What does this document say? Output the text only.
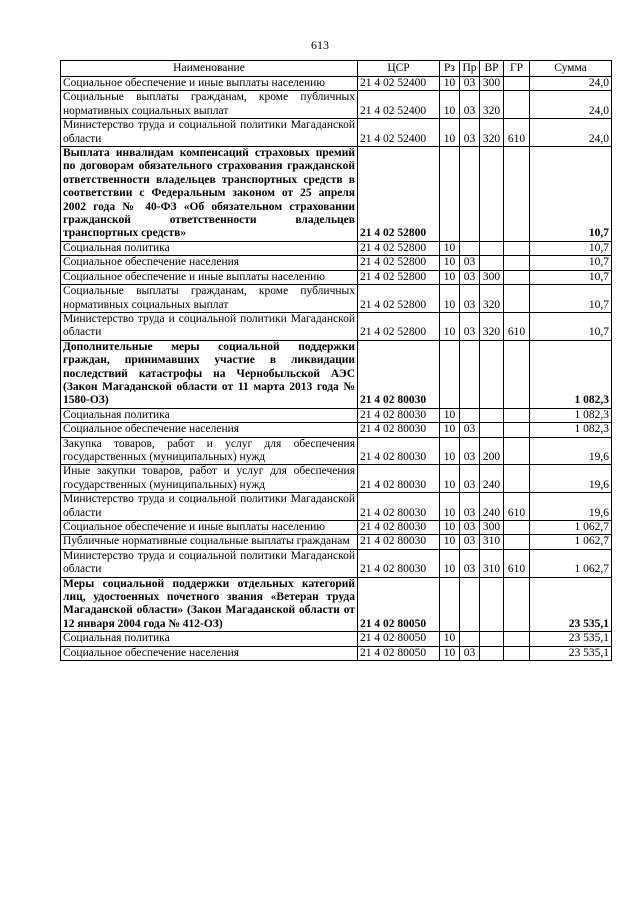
613
Наименование	ЦСР	Рз	Пр	ВР	ГР	Сумма
Социальное обеспечение и иные выплаты населению	21 4 02 52400	10	03	300		24,0
Социальные выплаты гражданам, кроме публичных нормативных социальных выплат	21 4 02 52400	10	03	320		24,0
Министерство труда и социальной политики Магаданской области	21 4 02 52400	10	03	320	610	24,0
Выплата инвалидам компенсаций страховых премий по договорам обязательного страхования гражданской ответственности владельцев транспортных средств в соответствии с Федеральным законом от 25 апреля 2002 года № 40-ФЗ «Об обязательном страховании гражданской ответственности владельцев транспортных средств»	21 4 02 52800					10,7
Социальная политика	21 4 02 52800	10				10,7
Социальное обеспечение населения	21 4 02 52800	10	03			10,7
Социальное обеспечение и иные выплаты населению	21 4 02 52800	10	03	300		10,7
Социальные выплаты гражданам, кроме публичных нормативных социальных выплат	21 4 02 52800	10	03	320		10,7
Министерство труда и социальной политики Магаданской области	21 4 02 52800	10	03	320	610	10,7
Дополнительные меры социальной поддержки граждан, принимавших участие в ликвидации последствий катастрофы на Чернобыльской АЭС (Закон Магаданской области от 11 марта 2013 года № 1580-ОЗ)	21 4 02 80030					1 082,3
Социальная политика	21 4 02 80030	10				1 082,3
Социальное обеспечение населения	21 4 02 80030	10	03			1 082,3
Закупка товаров, работ и услуг для обеспечения государственных (муниципальных) нужд	21 4 02 80030	10	03	200		19,6
Иные закупки товаров, работ и услуг для обеспечения государственных (муниципальных) нужд	21 4 02 80030	10	03	240		19,6
Министерство труда и социальной политики Магаданской области	21 4 02 80030	10	03	240	610	19,6
Социальное обеспечение и иные выплаты населению	21 4 02 80030	10	03	300		1 062,7
Публичные нормативные социальные выплаты гражданам	21 4 02 80030	10	03	310		1 062,7
Министерство труда и социальной политики Магаданской области	21 4 02 80030	10	03	310	610	1 062,7
Меры социальной поддержки отдельных категорий лиц, удостоенных почетного звания «Ветеран труда Магаданской области» (Закон Магаданской области от 12 января 2004 года № 412-ОЗ)	21 4 02 80050					23 535,1
Социальная политика	21 4 02 80050	10				23 535,1
Социальное обеспечение населения	21 4 02 80050	10	03			23 535,1
